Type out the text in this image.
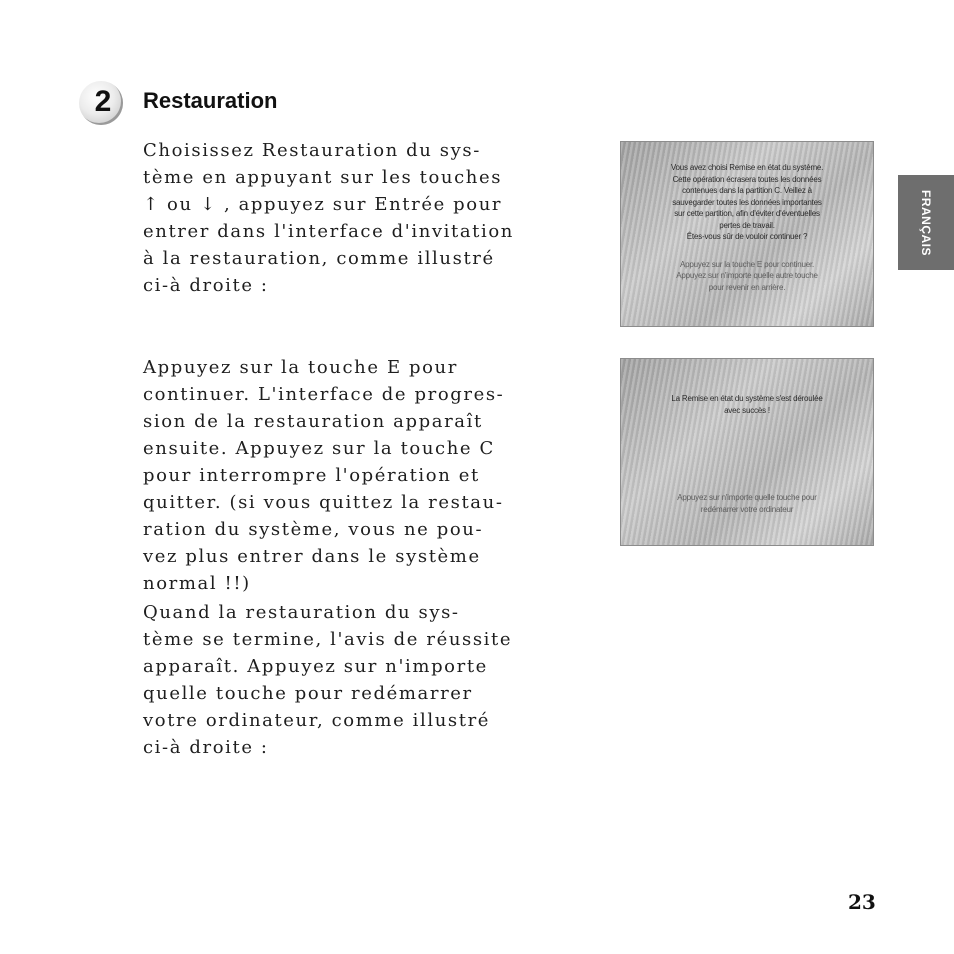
2	Restauration

Choisissez Restauration du sys-
tème en appuyant sur les touches
↑ ou ↓ , appuyez sur Entrée pour
entrer dans l'interface d'invitation
à la restauration, comme illustré
ci-à droite :

Appuyez sur la touche E pour
continuer. L'interface de progres-
sion de la restauration apparaît
ensuite. Appuyez sur la touche C
pour interrompre l'opération et
quitter. (si vous quittez la restau-
ration du système, vous ne pou-
vez plus entrer dans le système
normal !!)

Quand la restauration du sys-
tème se termine, l'avis de réussite
apparaît. Appuyez sur n'importe
quelle touche pour redémarrer
votre ordinateur, comme illustré
ci-à droite :

Vous avez choisi Remise en état du système.
Cette opération écrasera toutes les données
contenues dans la partition C. Veillez à
sauvegarder toutes les données importantes
sur cette partition, afin d'éviter d'éventuelles
pertes de travail.
Êtes-vous sûr de vouloir continuer ?
Appuyez sur la touche E pour continuer.
Appuyez sur n'importe quelle autre touche
pour revenir en arrière.
La Remise en état du système s'est déroulée
avec succès !
Appuyez sur n'importe quelle touche pour
redémarrer votre ordinateur
FRANÇAIS
23
